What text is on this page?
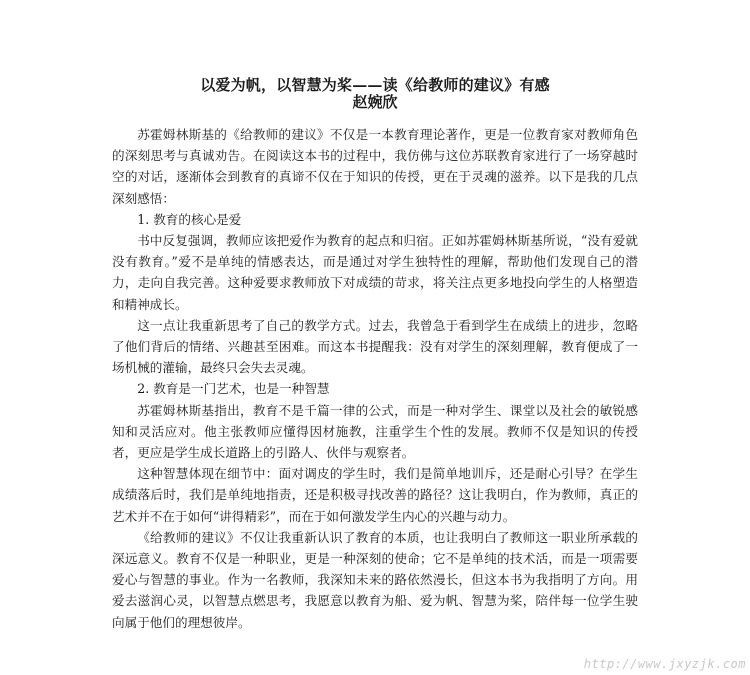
以爱为帆，以智慧为桨——读《给教师的建议》有感
赵婉欣

苏霍姆林斯基的《给教师的建议》不仅是一本教育理论著作，更是一位教育家对教师角色的深刻思考与真诚劝告。在阅读这本书的过程中，我仿佛与这位苏联教育家进行了一场穿越时空的对话，逐渐体会到教育的真谛不仅在于知识的传授，更在于灵魂的滋养。以下是我的几点深刻感悟：

1. 教育的核心是爱

书中反复强调，教师应该把爱作为教育的起点和归宿。正如苏霍姆林斯基所说，“没有爱就没有教育。”爱不是单纯的情感表达，而是通过对学生独特性的理解，帮助他们发现自己的潜力，走向自我完善。这种爱要求教师放下对成绩的苛求，将关注点更多地投向学生的人格塑造和精神成长。

这一点让我重新思考了自己的教学方式。过去，我曾急于看到学生在成绩上的进步，忽略了他们背后的情绪、兴趣甚至困难。而这本书提醒我：没有对学生的深刻理解，教育便成了一场机械的灌输，最终只会失去灵魂。

2. 教育是一门艺术，也是一种智慧

苏霍姆林斯基指出，教育不是千篇一律的公式，而是一种对学生、课堂以及社会的敏锐感知和灵活应对。他主张教师应懂得因材施教，注重学生个性的发展。教师不仅是知识的传授者，更应是学生成长道路上的引路人、伙伴与观察者。

这种智慧体现在细节中：面对调皮的学生时，我们是简单地训斥，还是耐心引导？在学生成绩落后时，我们是单纯地指责，还是积极寻找改善的路径？这让我明白，作为教师，真正的艺术并不在于如何“讲得精彩”，而在于如何激发学生内心的兴趣与动力。

《给教师的建议》不仅让我重新认识了教育的本质，也让我明白了教师这一职业所承载的深远意义。教育不仅是一种职业，更是一种深刻的使命；它不是单纯的技术活，而是一项需要爱心与智慧的事业。作为一名教师，我深知未来的路依然漫长，但这本书为我指明了方向。用爱去滋润心灵，以智慧点燃思考，我愿意以教育为船、爱为帆、智慧为桨，陪伴每一位学生驶向属于他们的理想彼岸。

http://www.jxyzjk.com
